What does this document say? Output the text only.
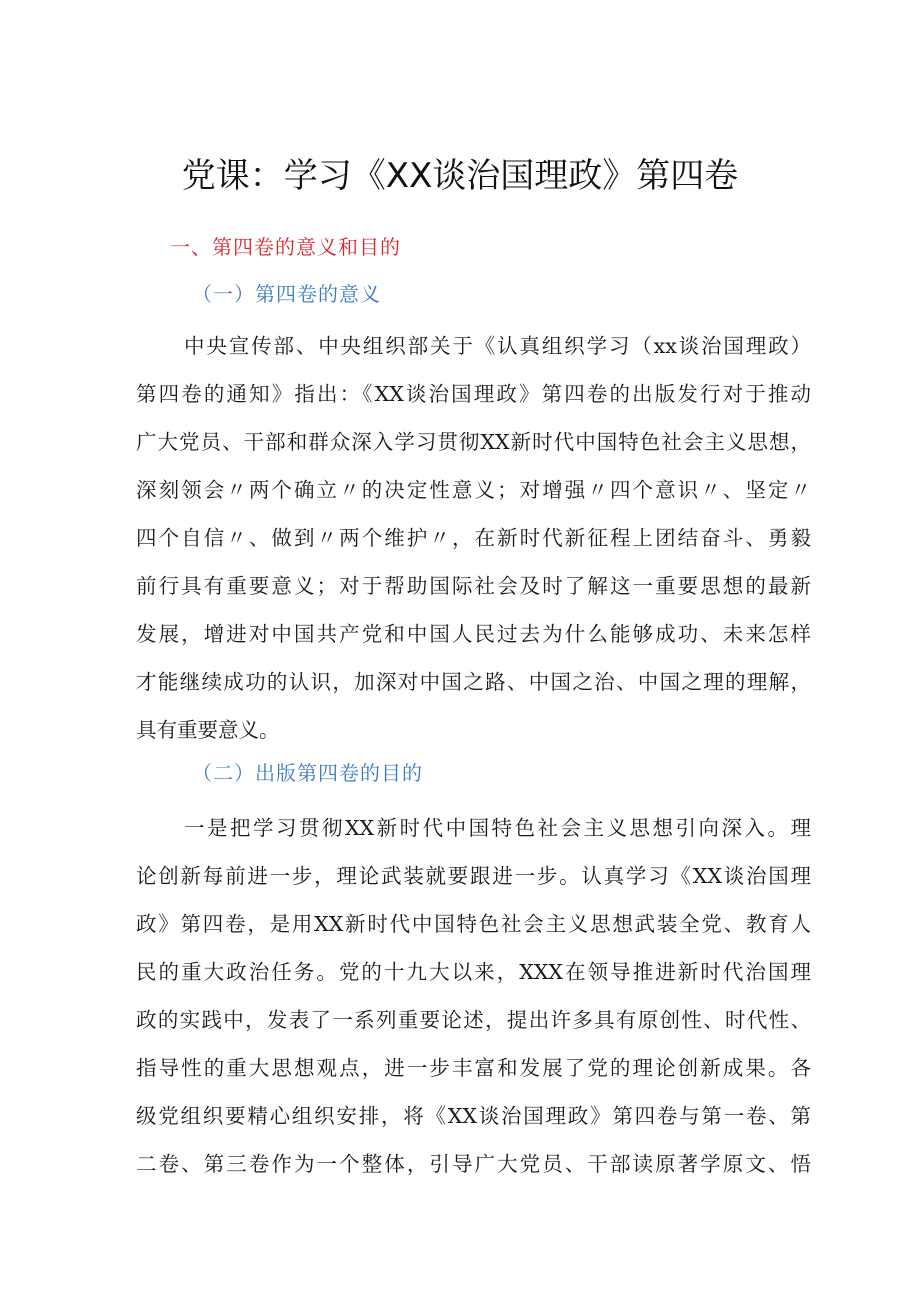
党课：学习《XX谈治国理政》第四卷
一、第四卷的意义和目的
（一）第四卷的意义
中央宣传部、中央组织部关于《认真组织学习（xx谈治国理政）
第四卷的通知》指出：《XX谈治国理政》第四卷的出版发行对于推动
广大党员、干部和群众深入学习贯彻XX新时代中国特色社会主义思想，
深刻领会〃两个确立〃的决定性意义；对增强〃四个意识〃、坚定〃
四个自信〃、做到〃两个维护〃，在新时代新征程上团结奋斗、勇毅
前行具有重要意义；对于帮助国际社会及时了解这一重要思想的最新
发展，增进对中国共产党和中国人民过去为什么能够成功、未来怎样
才能继续成功的认识，加深对中国之路、中国之治、中国之理的理解，
具有重要意义。
（二）出版第四卷的目的
一是把学习贯彻XX新时代中国特色社会主义思想引向深入。理
论创新每前进一步，理论武装就要跟进一步。认真学习《XX谈治国理
政》第四卷，是用XX新时代中国特色社会主义思想武装全党、教育人
民的重大政治任务。党的十九大以来，XXX在领导推进新时代治国理
政的实践中，发表了一系列重要论述，提出许多具有原创性、时代性、
指导性的重大思想观点，进一步丰富和发展了党的理论创新成果。各
级党组织要精心组织安排，将《XX谈治国理政》第四卷与第一卷、第
二卷、第三卷作为一个整体，引导广大党员、干部读原著学原文、悟
